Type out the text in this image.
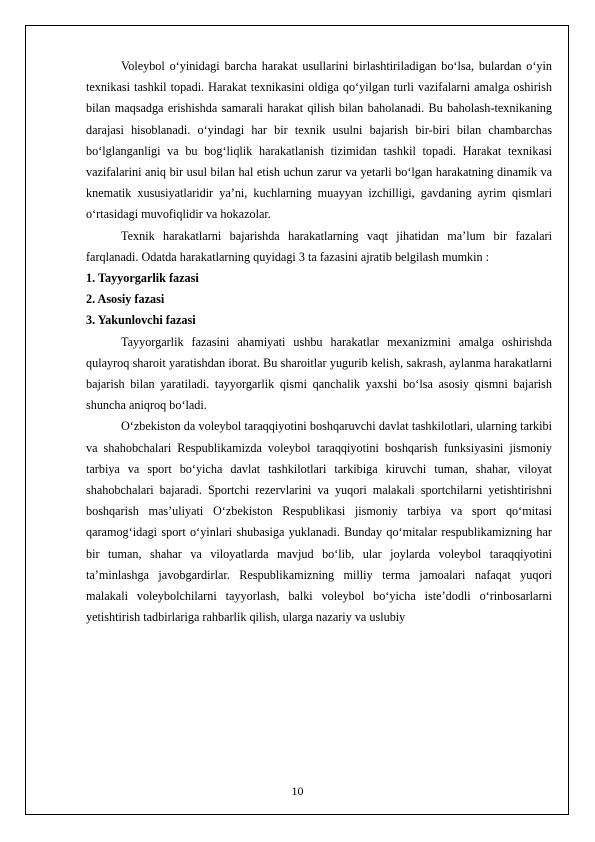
Voleybol o‘yinidagi barcha harakat usullarini birlashtiriladigan bo‘lsa, bulardan o‘yin texnikasi tashkil topadi. Harakat texnikasini oldiga qo‘yilgan turli vazifalarni amalga oshirish bilan maqsadga erishishda samarali harakat qilish bilan baholanadi. Bu baholash-texnikaning darajasi hisoblanadi. o‘yindagi har bir texnik usulni bajarish bir-biri bilan chambarchas bo‘lglanganligi va bu bog‘liqlik harakatlanish tizimidan tashkil topadi. Harakat texnikasi vazifalarini aniq bir usul bilan hal etish uchun zarur va yetarli bo‘lgan harakatning dinamik va knematik xususiyatlaridir ya’ni, kuchlarning muayyan izchilligi, gavdaning ayrim qismlari o‘rtasidagi muvofiqlidir va hokazolar.

Texnik harakatlarni bajarishda harakatlarning vaqt jihatidan ma’lum bir fazalari farqlanadi. Odatda harakatlarning quyidagi 3 ta fazasini ajratib belgilash mumkin :

1. Tayyorgarlik fazasi
2. Asosiy fazasi
3. Yakunlovchi fazasi

Tayyorgarlik fazasini ahamiyati ushbu harakatlar mexanizmini amalga oshirishda qulayroq sharoit yaratishdan iborat. Bu sharoitlar yugurib kelish, sakrash, aylanma harakatlarni bajarish bilan yaratiladi. tayyorgarlik qismi qanchalik yaxshi bo‘lsa asosiy qismni bajarish shuncha aniqroq bo‘ladi.

O‘zbekiston da voleybol taraqqiyotini boshqaruvchi davlat tashkilotlari, ularning tarkibi va shahobchalari Respublikamizda voleybol taraqqiyotini boshqarish funksiyasini jismoniy tarbiya va sport bo‘yicha davlat tashkilotlari tarkibiga kiruvchi tuman, shahar, viloyat shahobchalari bajaradi. Sportchi rezervlarini va yuqori malakali sportchilarni yetishtirishni boshqarish mas’uliyati O‘zbekiston Respublikasi jismoniy tarbiya va sport qo‘mitasi qaramog‘idagi sport o‘yinlari shubasiga yuklanadi. Bunday qo‘mitalar respublikamizning har bir tuman, shahar va viloyatlarda mavjud bo‘lib, ular joylarda voleybol taraqqiyotini ta’minlashga javobgardirlar. Respublikamizning milliy terma jamoalari nafaqat yuqori malakali voleybolchilarni tayyorlash, balki voleybol bo‘yicha iste’dodli o‘rinbosarlarni yetishtirish tadbirlariga rahbarlik qilish, ularga nazariy va uslubiy

10
